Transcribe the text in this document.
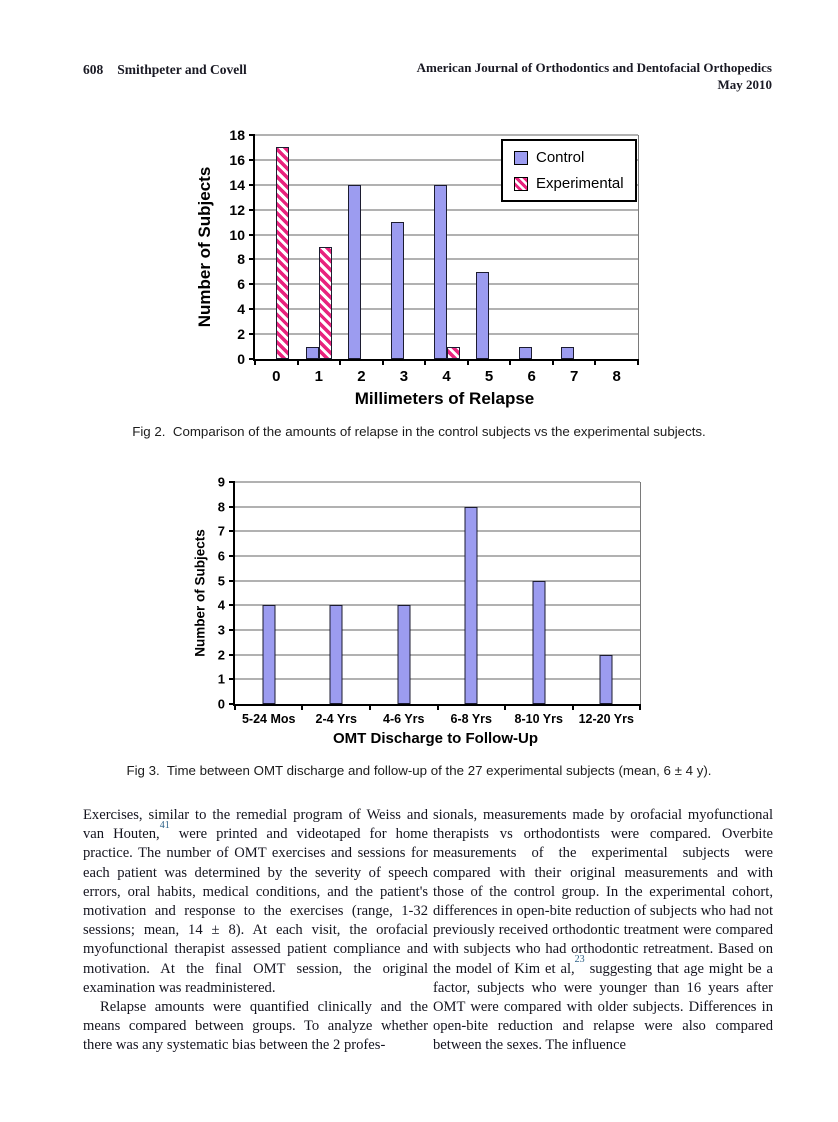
608 Smithpeter and Covell	American Journal of Orthodontics and Dentofacial Orthopedics
May 2010
Number of Subjects
0
2
4
6
8
10
12
14
16
18
0 1 2 3 4 5 6 7 8
Millimeters of Relapse
Control
Experimental
Fig 2.  Comparison of the amounts of relapse in the control subjects vs the experimental subjects.
Number of Subjects
0
1
2
3
4
5
6
7
8
9
5-24 Mos 2-4 Yrs 4-6 Yrs 6-8 Yrs 8-10 Yrs 12-20 Yrs
OMT Discharge to Follow-Up
Fig 3.  Time between OMT discharge and follow-up of the 27 experimental subjects (mean, 6 ± 4 y).

Exercises, similar to the remedial program of Weiss and van Houten,$^{41}$ were printed and videotaped for home practice. The number of OMT exercises and sessions for each patient was determined by the severity of speech errors, oral habits, medical conditions, and the patient's motivation and response to the exercises (range, 1-32 sessions; mean, 14 ± 8). At each visit, the orofacial myofunctional therapist assessed patient compliance and motivation. At the final OMT session, the original examination was readministered.

Relapse amounts were quantified clinically and the means compared between groups. To analyze whether there was any systematic bias between the 2 profes-

sionals, measurements made by orofacial myofunctional therapists vs orthodontists were compared. Overbite measurements of the experimental subjects were compared with their original measurements and with those of the control group. In the experimental cohort, differences in open-bite reduction of subjects who had not previously received orthodontic treatment were compared with subjects who had orthodontic retreatment. Based on the model of Kim et al,$^{23}$ suggesting that age might be a factor, subjects who were younger than 16 years after OMT were compared with older subjects. Differences in open-bite reduction and relapse were also compared between the sexes. The influence
